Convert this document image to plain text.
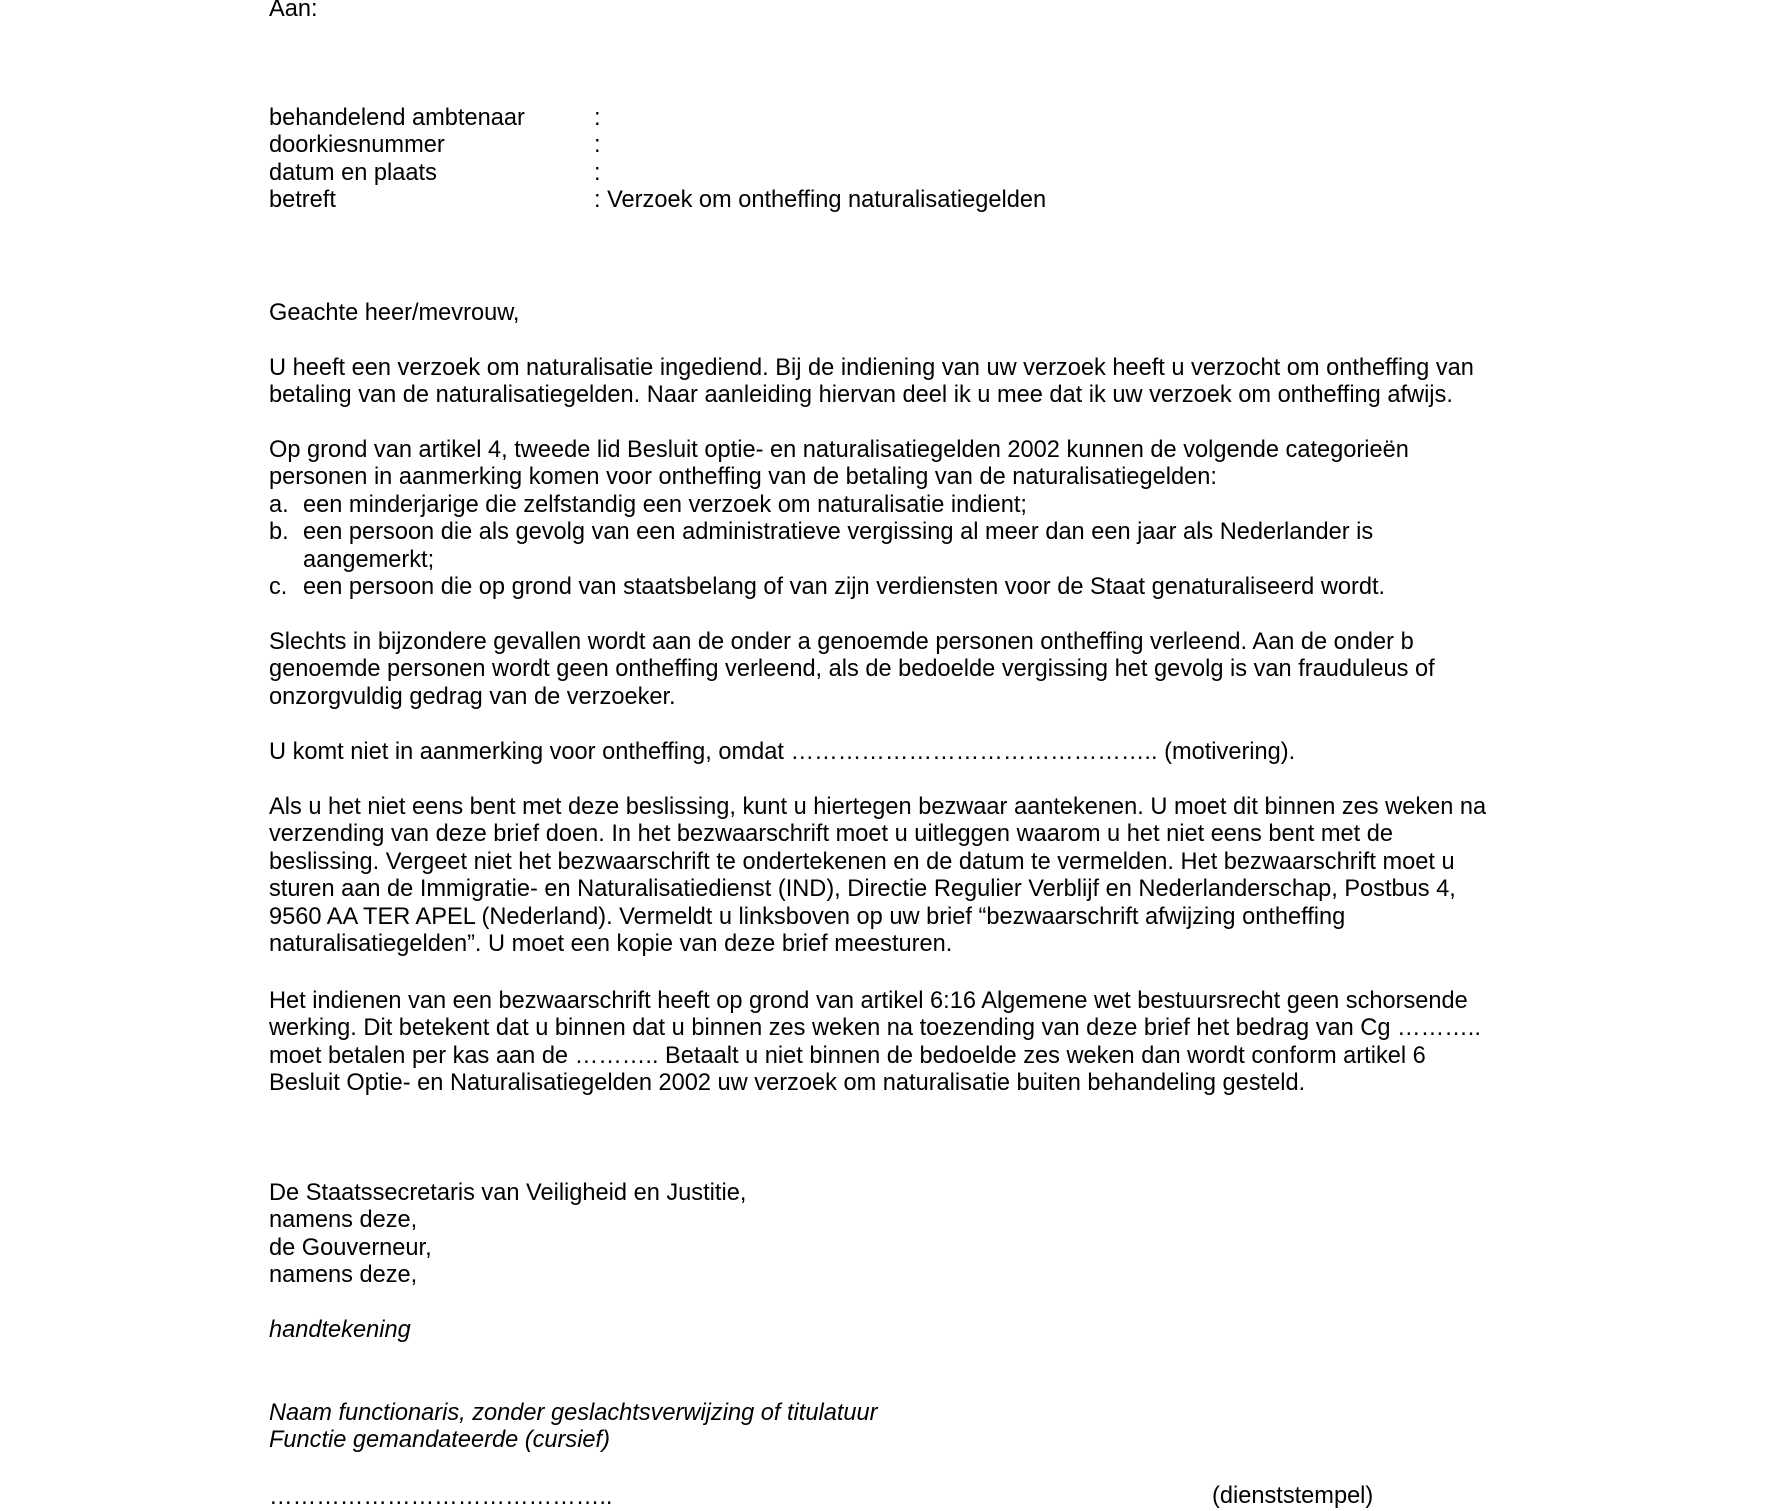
Aan:
behandelend ambtenaar	:
doorkiesnummer	:
datum en plaats	:
betreft	: Verzoek om ontheffing naturalisatiegelden
Geachte heer/mevrouw,
U heeft een verzoek om naturalisatie ingediend. Bij de indiening van uw verzoek heeft u verzocht om ontheffing van
betaling van de naturalisatiegelden. Naar aanleiding hiervan deel ik u mee dat ik uw verzoek om ontheffing afwijs.
Op grond van artikel 4, tweede lid Besluit optie- en naturalisatiegelden 2002 kunnen de volgende categorieën
personen in aanmerking komen voor ontheffing van de betaling van de naturalisatiegelden:
a. een minderjarige die zelfstandig een verzoek om naturalisatie indient;
b. een persoon die als gevolg van een administratieve vergissing al meer dan een jaar als Nederlander is
aangemerkt;
c. een persoon die op grond van staatsbelang of van zijn verdiensten voor de Staat genaturaliseerd wordt.
Slechts in bijzondere gevallen wordt aan de onder a genoemde personen ontheffing verleend. Aan de onder b
genoemde personen wordt geen ontheffing verleend, als de bedoelde vergissing het gevolg is van frauduleus of
onzorgvuldig gedrag van de verzoeker.
U komt niet in aanmerking voor ontheffing, omdat ……………………………………….. (motivering).
Als u het niet eens bent met deze beslissing, kunt u hiertegen bezwaar aantekenen. U moet dit binnen zes weken na
verzending van deze brief doen. In het bezwaarschrift moet u uitleggen waarom u het niet eens bent met de
beslissing. Vergeet niet het bezwaarschrift te ondertekenen en de datum te vermelden. Het bezwaarschrift moet u
sturen aan de Immigratie- en Naturalisatiedienst (IND), Directie Regulier Verblijf en Nederlanderschap, Postbus 4,
9560 AA TER APEL (Nederland). Vermeldt u linksboven op uw brief “bezwaarschrift afwijzing ontheffing
naturalisatiegelden”. U moet een kopie van deze brief meesturen.
Het indienen van een bezwaarschrift heeft op grond van artikel 6:16 Algemene wet bestuursrecht geen schorsende
werking. Dit betekent dat u binnen dat u binnen zes weken na toezending van deze brief het bedrag van Cg ………..
moet betalen per kas aan de ……….. Betaalt u niet binnen de bedoelde zes weken dan wordt conform artikel 6
Besluit Optie- en Naturalisatiegelden 2002 uw verzoek om naturalisatie buiten behandeling gesteld.
De Staatssecretaris van Veiligheid en Justitie,
namens deze,
de Gouverneur,
namens deze,
handtekening
Naam functionaris, zonder geslachtsverwijzing of titulatuur
Functie gemandateerde (cursief)
……………………………………..	(dienststempel)
